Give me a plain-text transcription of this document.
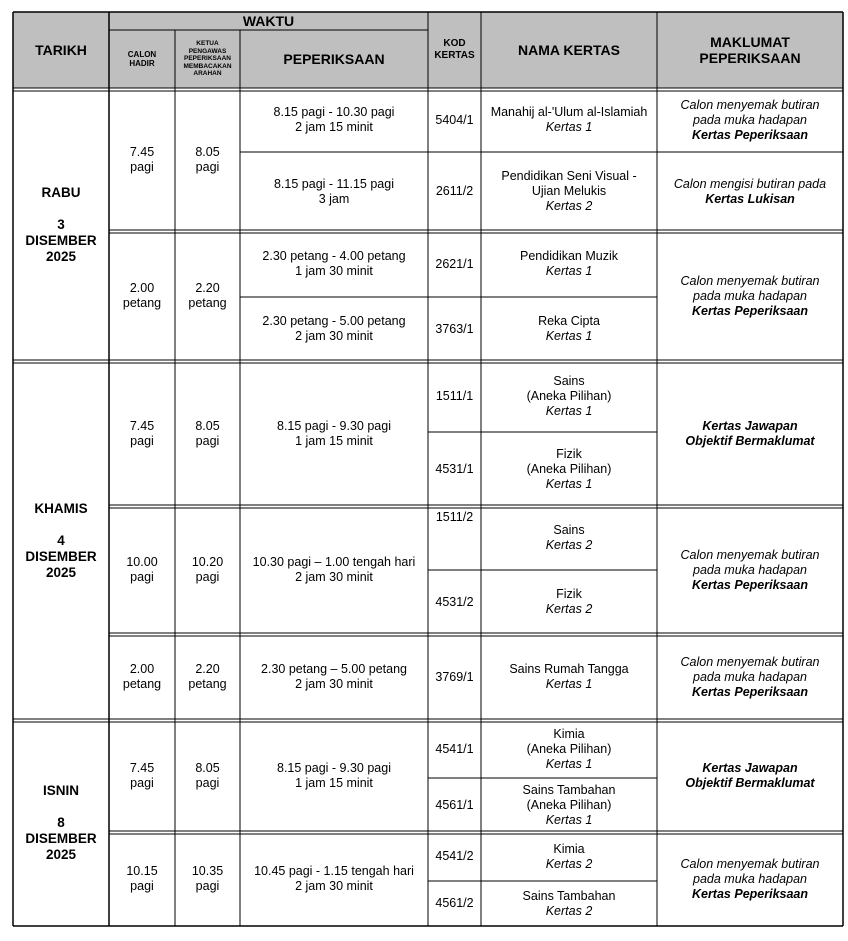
TARIKH
WAKTU
CALON
HADIR
KETUA
PENGAWAS
PEPERIKSAAN
MEMBACAKAN
ARAHAN
PEPERIKSAAN
KOD
KERTAS	NAMA KERTAS	MAKLUMAT
PEPERIKSAAN
RABU
3
DISEMBER
2025
KHAMIS
4
DISEMBER
2025
ISNIN
8
DISEMBER
2025
7.45
pagi
8.05
pagi
2.00
petang
2.20
petang
7.45
pagi
8.05
pagi
10.00
pagi
10.20
pagi
2.00
petang
2.20
petang
7.45
pagi
8.05
pagi
10.15
pagi
10.35
pagi
8.15 pagi - 10.30 pagi
2 jam 15 minit
8.15 pagi - 11.15 pagi
3 jam
2.30 petang - 4.00 petang
1 jam 30 minit
2.30 petang - 5.00 petang
2 jam 30 minit
8.15 pagi - 9.30 pagi
1 jam 15 minit
10.30 pagi – 1.00 tengah hari
2 jam 30 minit
2.30 petang – 5.00 petang
2 jam 30 minit
8.15 pagi - 9.30 pagi
1 jam 15 minit
10.45 pagi - 1.15 tengah hari
2 jam 30 minit
5404/1
Manahij al-'Ulum al-Islamiah
Kertas 1
2611/2
Pendidikan Seni Visual -
Ujian Melukis
Kertas 2
2621/1
Pendidikan Muzik
Kertas 1
3763/1
Reka Cipta
Kertas 1
1511/1
Sains
(Aneka Pilihan)
Kertas 1
4531/1
Fizik
(Aneka Pilihan)
Kertas 1
1511/2
Sains
Kertas 2
4531/2
Fizik
Kertas 2
3769/1
Sains Rumah Tangga
Kertas 1
4541/1
Kimia
(Aneka Pilihan)
Kertas 1
4561/1
Sains Tambahan
(Aneka Pilihan)
Kertas 1
4541/2
Kimia
Kertas 2
4561/2
Sains Tambahan
Kertas 2
Calon menyemak butiran
pada muka hadapan
Kertas Peperiksaan
Calon mengisi butiran pada
Kertas Lukisan
Calon menyemak butiran
pada muka hadapan
Kertas Peperiksaan
Kertas Jawapan
Objektif Bermaklumat
Calon menyemak butiran
pada muka hadapan
Kertas Peperiksaan
Calon menyemak butiran
pada muka hadapan
Kertas Peperiksaan
Kertas Jawapan
Objektif Bermaklumat
Calon menyemak butiran
pada muka hadapan
Kertas Peperiksaan
